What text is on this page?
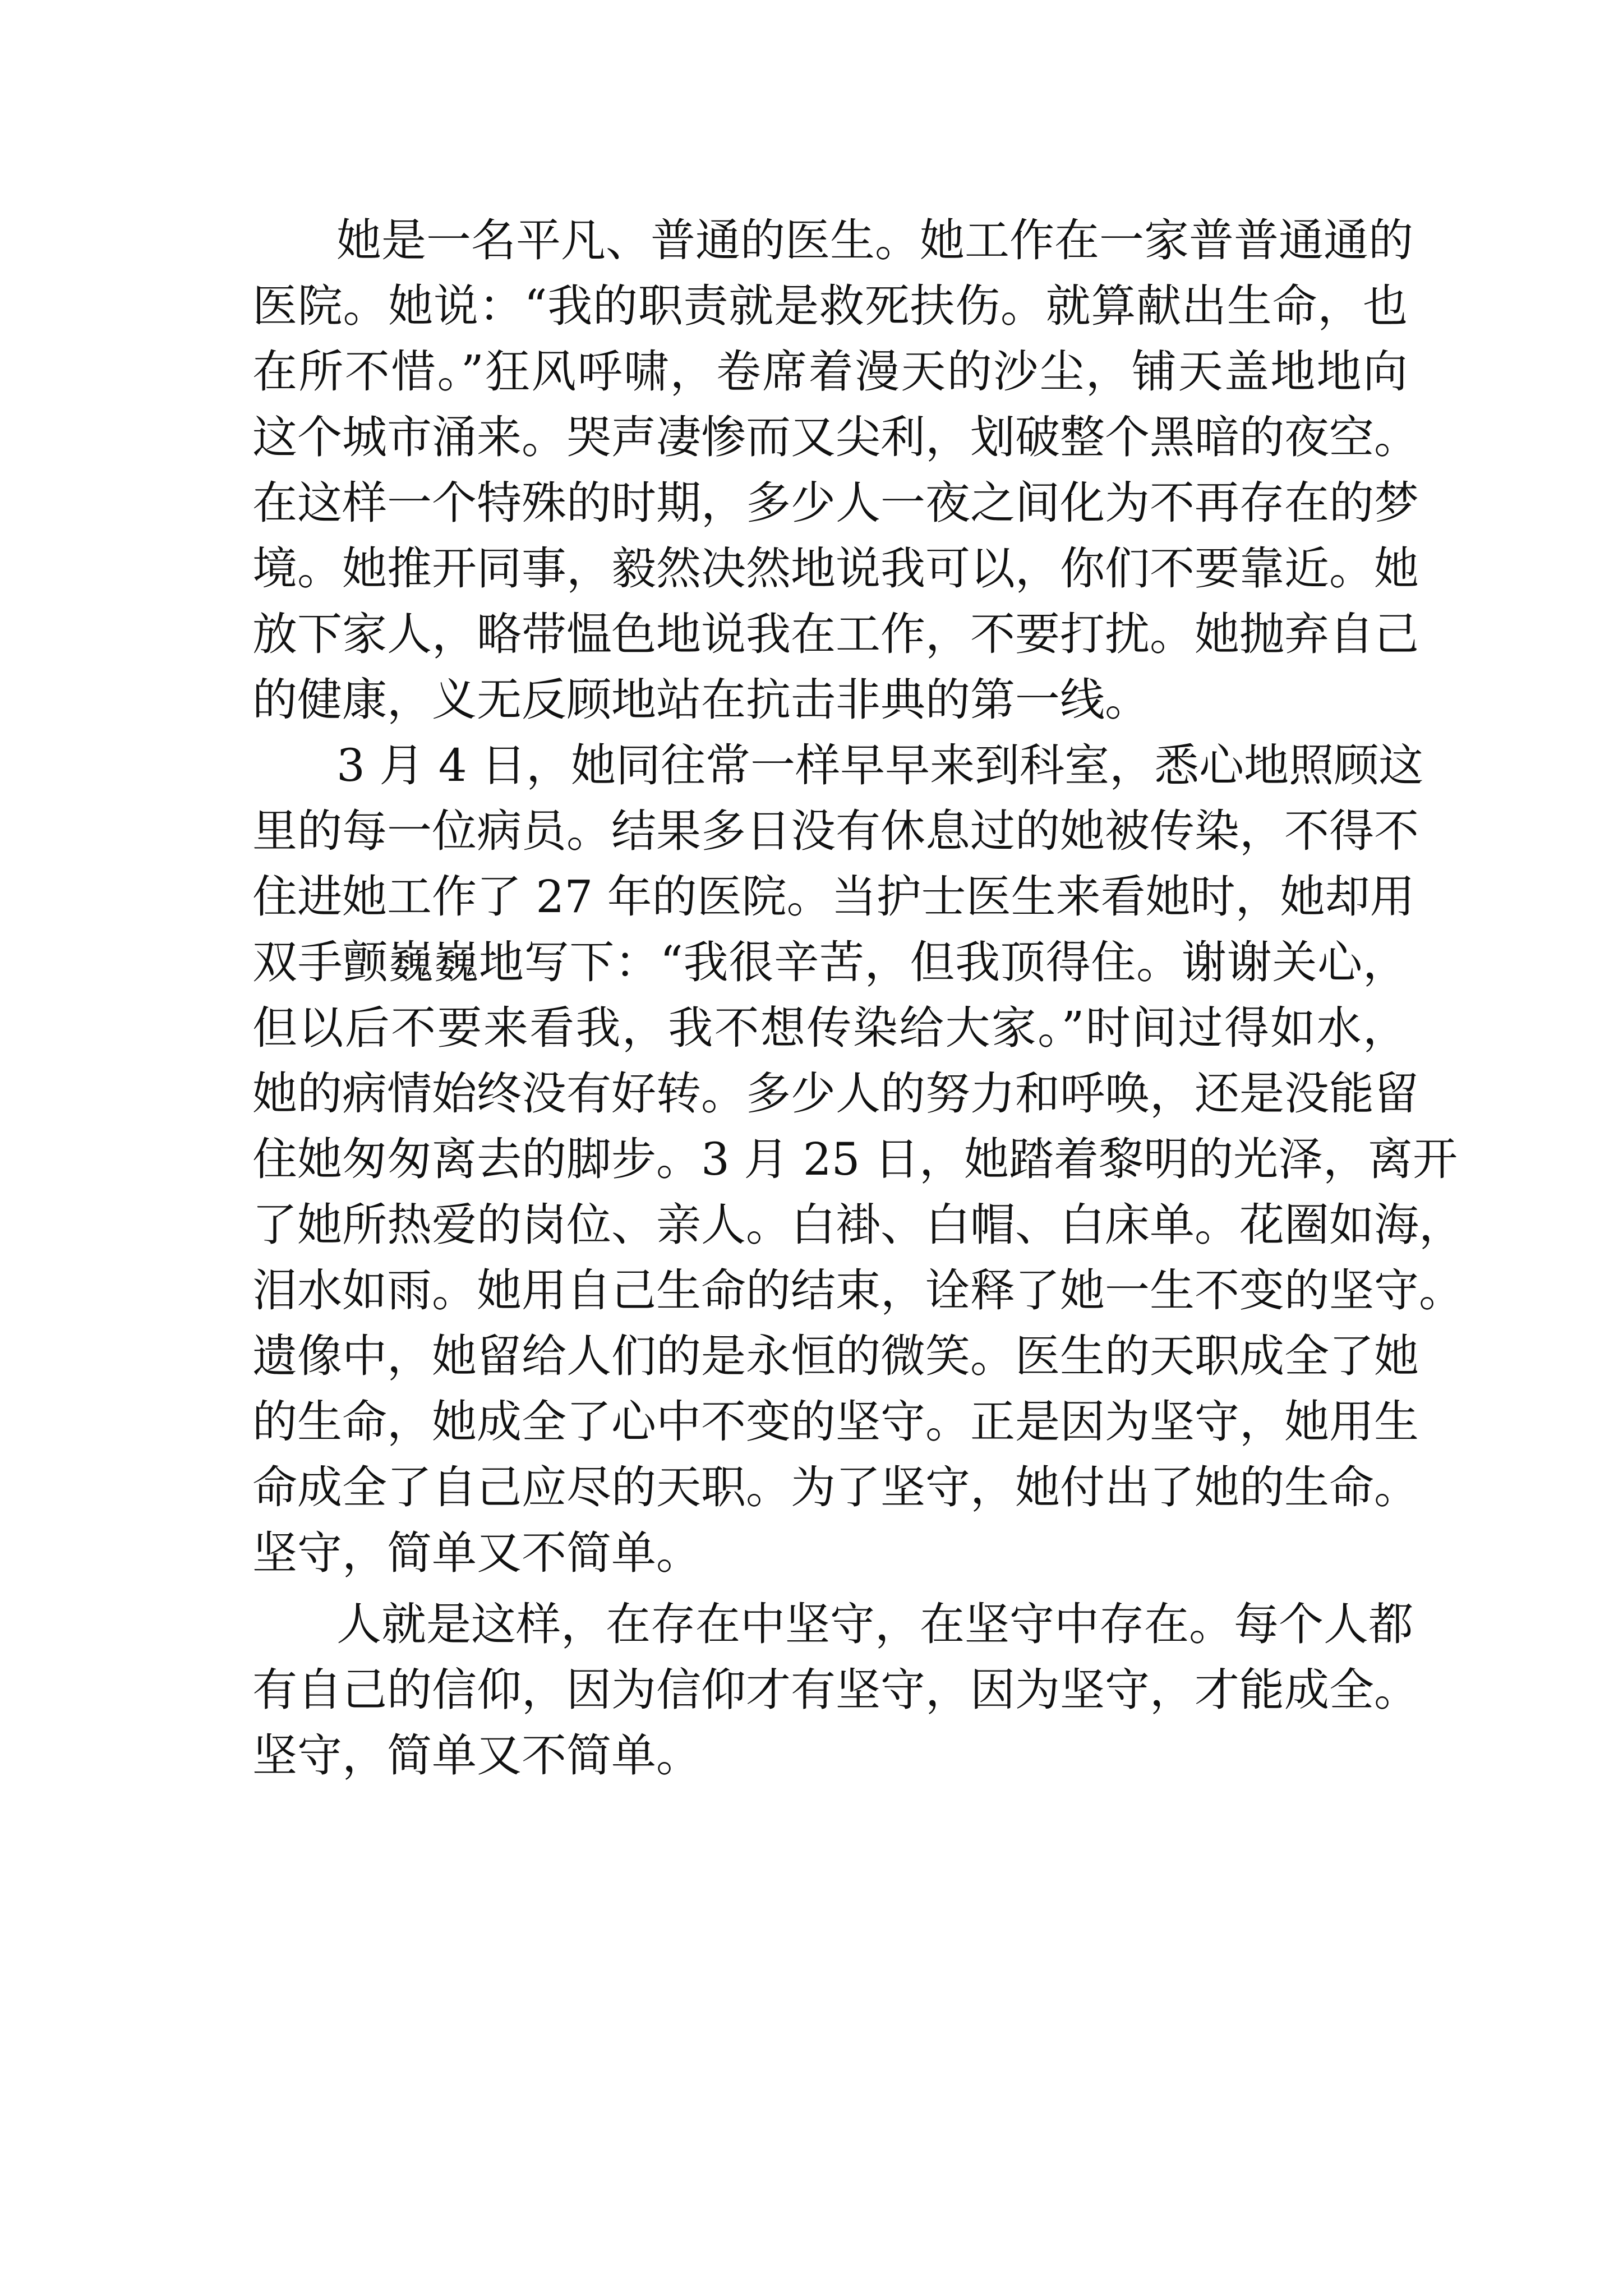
她是一名平凡、普通的医生。她工作在一家普普通通的
医院。她说：“我的职责就是救死扶伤。就算献出生命，也
在所不惜。”狂风呼啸，卷席着漫天的沙尘，铺天盖地地向
这个城市涌来。哭声凄惨而又尖利，划破整个黑暗的夜空。
在这样一个特殊的时期，多少人一夜之间化为不再存在的梦
境。她推开同事，毅然决然地说我可以，你们不要靠近。她
放下家人，略带愠色地说我在工作，不要打扰。她抛弃自己
的健康，义无反顾地站在抗击非典的第一线。
3 月 4 日，她同往常一样早早来到科室，悉心地照顾这
里的每一位病员。结果多日没有休息过的她被传染，不得不
住进她工作了 27 年的医院。当护士医生来看她时，她却用
双手颤巍巍地写下：“我很辛苦，但我顶得住。谢谢关心，
但以后不要来看我，我不想传染给大家。”时间过得如水，
她的病情始终没有好转。多少人的努力和呼唤，还是没能留
住她匆匆离去的脚步。3 月 25 日，她踏着黎明的光泽，离开
了她所热爱的岗位、亲人。白褂、白帽、白床单。花圈如海，
泪水如雨。她用自己生命的结束，诠释了她一生不变的坚守。
遗像中，她留给人们的是永恒的微笑。医生的天职成全了她
的生命，她成全了心中不变的坚守。正是因为坚守，她用生
命成全了自己应尽的天职。为了坚守，她付出了她的生命。
坚守，简单又不简单。
人就是这样，在存在中坚守，在坚守中存在。每个人都
有自己的信仰，因为信仰才有坚守，因为坚守，才能成全。
坚守，简单又不简单。
